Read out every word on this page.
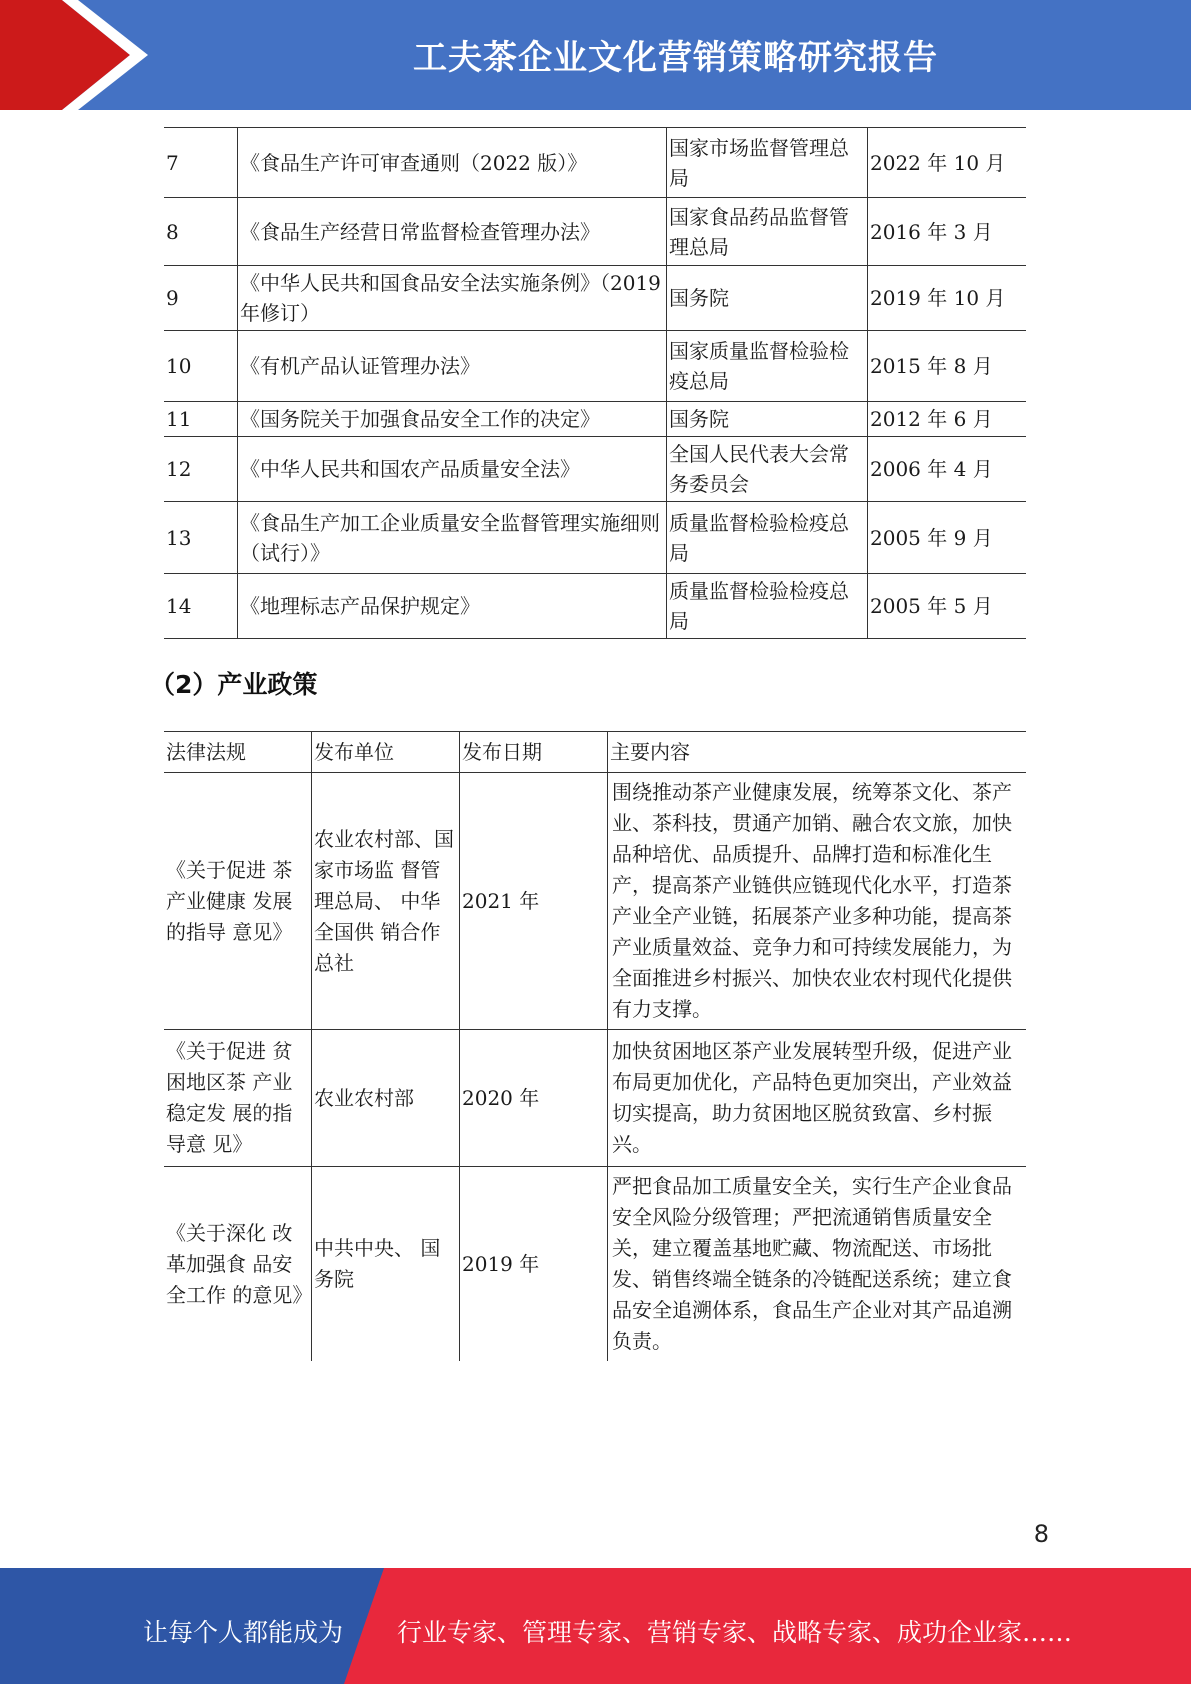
工夫茶企业文化营销策略研究报告
7	《食品生产许可审查通则（2022 版）》	国家市场监督管理总局	2022 年 10 月
8	《食品生产经营日常监督检查管理办法》	国家食品药品监督管理总局	2016 年 3 月
9	《中华人民共和国食品安全法实施条例》（2019 年修订）	国务院	2019 年 10 月
10	《有机产品认证管理办法》	国家质量监督检验检疫总局	2015 年 8 月
11	《国务院关于加强食品安全工作的决定》	国务院	2012 年 6 月
12	《中华人民共和国农产品质量安全法》	全国人民代表大会常务委员会	2006 年 4 月
13	《食品生产加工企业质量安全监督管理实施细则（试行）》	质量监督检验检疫总局	2005 年 9 月
14	《地理标志产品保护规定》	质量监督检验检疫总局	2005 年 5 月
（2）产业政策
法律法规	发布单位	发布日期	主要内容
《关于促进 茶产业健康 发展的指导 意见》	农业农村部、国家市场监 督管理总局、 中华全国供 销合作总社	2021 年	围绕推动茶产业健康发展，统筹茶文化、茶产业、茶科技，贯通产加销、融合农文旅，加快品种培优、品质提升、品牌打造和标准化生产，提高茶产业链供应链现代化水平，打造茶产业全产业链，拓展茶产业多种功能，提高茶产业质量效益、竞争力和可持续发展能力，为全面推进乡村振兴、加快农业农村现代化提供有力支撑。
《关于促进 贫困地区茶 产业稳定发 展的指导意 见》	农业农村部	2020 年	加快贫困地区茶产业发展转型升级，促进产业布局更加优化，产品特色更加突出，产业效益切实提高，助力贫困地区脱贫致富、乡村振兴。
《关于深化 改革加强食 品安全工作 的意见》	中共中央、 国务院	2019 年	严把食品加工质量安全关，实行生产企业食品安全风险分级管理；严把流通销售质量安全关，建立覆盖基地贮藏、物流配送、市场批发、销售终端全链条的冷链配送系统；建立食品安全追溯体系，食品生产企业对其产品追溯负责。
8
让每个人都能成为 行业专家、管理专家、营销专家、战略专家、成功企业家……
